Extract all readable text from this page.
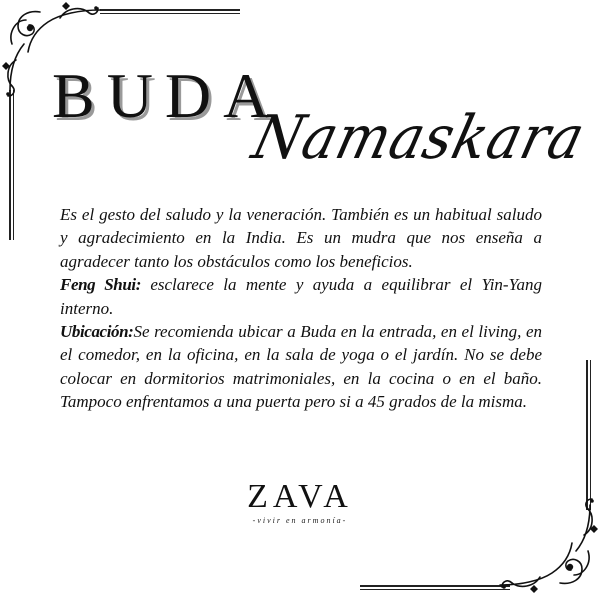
BUDA
Namaskara

Es el gesto del saludo y la veneración. También es un habitual saludo y agradecimiento en la India. Es un mudra que nos enseña a agradecer tanto los obstáculos como los beneficios.

Feng Shui: esclarece la mente y ayuda a equilibrar el Yin-Yang interno.

Ubicación:Se recomienda ubicar a Buda en la entrada, en el living, en el comedor, en la oficina, en la sala de yoga o el jardín. No se debe colocar en dormitorios matrimoniales, en la cocina o en el baño. Tampoco enfrentamos a una puerta pero si a 45 grados de la misma.

ZAVA
-vivir en armonía-
